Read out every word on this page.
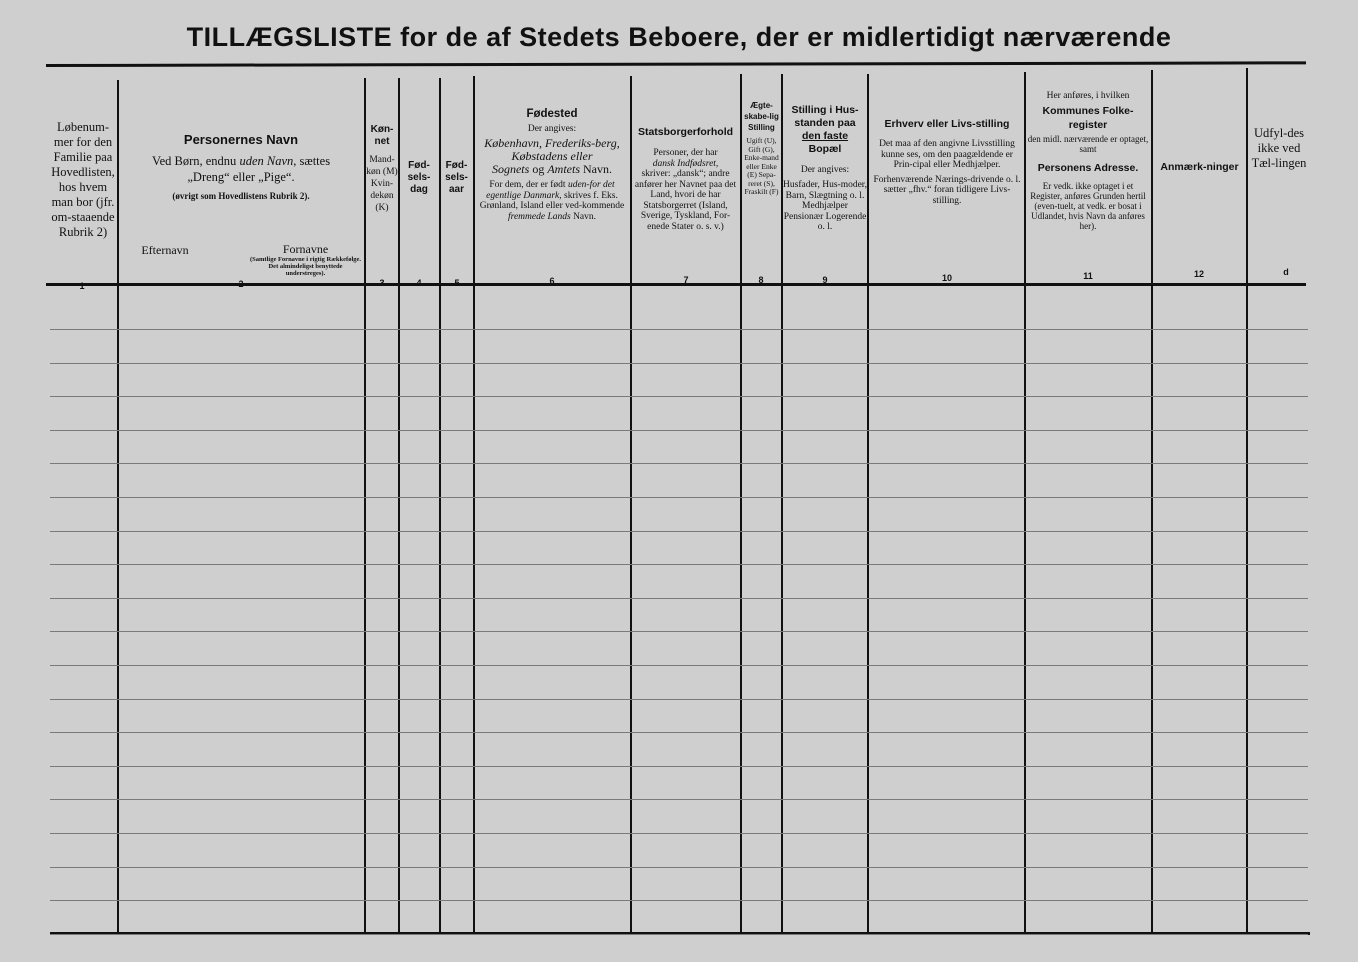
TILLÆGSLISTE for de af Stedets Beboere, der er midlertidigt nærværende
Løbenum-mer for den Familie paa Hovedlisten, hos hvem man bor (jfr. om-staaende Rubrik 2)
1
Personernes Navn
Ved Børn, endnu uden Navn, sættes
„Dreng“ eller „Pige“.
(øvrigt som Hovedlistens Rubrik 2).
Efternavn	Fornavne
(Samtlige Fornavne i rigtig Rækkefølge. Det almindeligst benyttede understreges).
2
Køn-net
Mand-køn (M) Kvin-dekøn (K)
3
Fød-sels-dag
4
Fød-sels-aar
5
Fødested
Der angives:
København, Frederiks-berg, Købstadens eller
Sognets og Amtets Navn.
For dem, der er født uden-for det egentlige Danmark, skrives f. Eks. Grønland, Island eller ved-kommende fremmede Lands Navn.
6
Statsborgerforhold
Personer, der har
dansk Indfødsret,
skriver: „dansk“; andre anfører her Navnet paa det Land, hvori de har Statsborgerret (Island, Sverige, Tyskland, For-enede Stater o. s. v.)
7
Ægte-skabe-lig Stilling
Ugift (U), Gift (G), Enke-mand eller Enke (E) Sepa-reret (S), Fraskilt (F)
8
Stilling i Hus-standen paa
den faste
Bopæl
Der angives:
Husfader, Hus-moder, Barn, Slægtning o. l. Medhjælper Pensionær Logerende o. l.
9
Erhverv eller Livs-stilling
Det maa af den angivne Livsstilling kunne ses, om den paagældende er Prin-cipal eller Medhjælper.
Forhenværende Nærings-drivende o. l. sætter „fhv.“ foran tidligere Livs-stilling.
10
Her anføres, i hvilken
Kommunes Folke-register
den midl. nærværende er optaget, samt
Personens Adresse.
Er vedk. ikke optaget i et Register, anføres Grunden hertil (even-tuelt, at vedk. er bosat i Udlandet, hvis Navn da anføres her).
11
Anmærk-ninger
12
Udfyl-des ikke ved Tæl-lingen
d
